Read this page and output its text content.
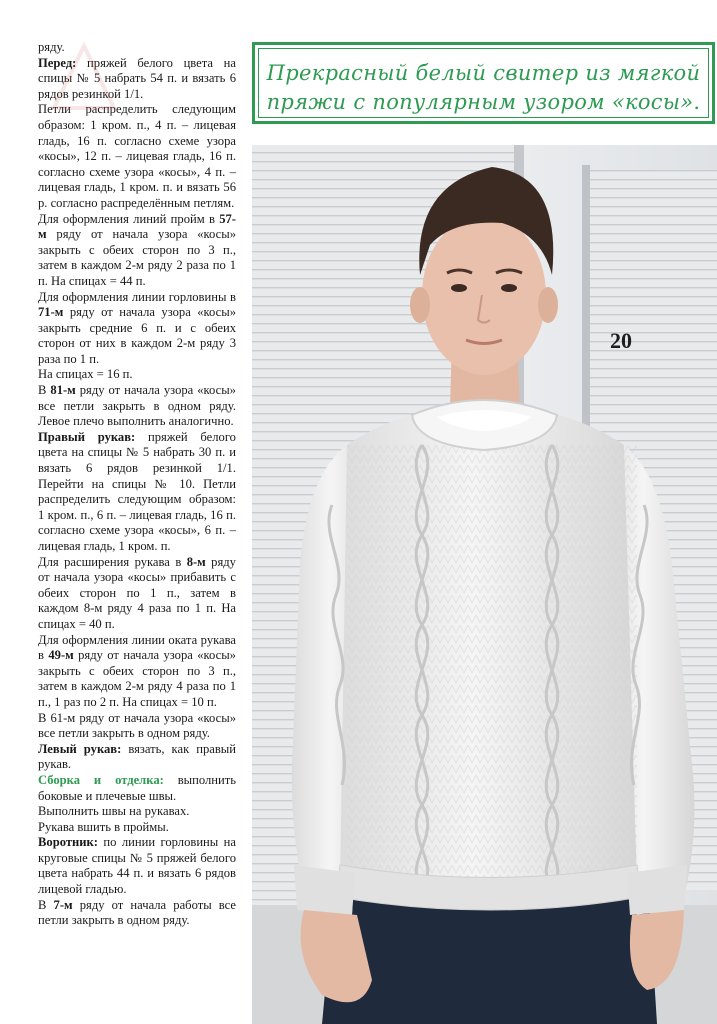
ряду.

Перед: пряжей белого цвета на спицы № 5 набрать 54 п. и вязать 6 рядов резинкой 1/1.

Петли распределить следующим образом: 1 кром. п., 4 п. – лицевая гладь, 16 п. согласно схеме узора «косы», 12 п. – лицевая гладь, 16 п. согласно схеме узора «косы», 4 п. – лицевая гладь, 1 кром. п. и вязать 56 р. согласно распределённым петлям.

Для оформления линий пройм в 57-м ряду от начала узора «косы» закрыть с обеих сторон по 3 п., затем в каждом 2-м ряду 2 раза по 1 п. На спицах = 44 п.

Для оформления линии горловины в 71-м ряду от начала узора «косы» закрыть средние 6 п. и с обеих сторон от них в каждом 2-м ряду 3 раза по 1 п.

На спицах = 16 п.

В 81-м ряду от начала узора «косы» все петли закрыть в одном ряду. Левое плечо выполнить аналогично.

Правый рукав: пряжей белого цвета на спицы № 5 набрать 30 п. и вязать 6 рядов резинкой 1/1. Перейти на спицы № 10. Петли распределить следующим образом: 1 кром. п., 6 п. – лицевая гладь, 16 п. согласно схеме узора «косы», 6 п. – лицевая гладь, 1 кром. п.

Для расширения рукава в 8-м ряду от начала узора «косы» прибавить с обеих сторон по 1 п., затем в каждом 8-м ряду 4 раза по 1 п. На спицах = 40 п.

Для оформления линии оката рукава в 49-м ряду от начала узора «косы» закрыть с обеих сторон по 3 п., затем в каждом 2-м ряду 4 раза по 1 п., 1 раз по 2 п. На спицах = 10 п.

В 61-м ряду от начала узора «косы» все петли закрыть в одном ряду.

Левый рукав: вязать, как правый рукав.

Сборка и отделка: выполнить боковые и плечевые швы.

Выполнить швы на рукавах.

Рукава вшить в проймы.

Воротник: по линии горловины на круговые спицы № 5 пряжей белого цвета набрать 44 п. и вязать 6 рядов лицевой гладью.

В 7-м ряду от начала работы все петли закрыть в одном ряду.

Прекрасный белый свитер из мягкой
пряжи с популярным узором «косы».
20
